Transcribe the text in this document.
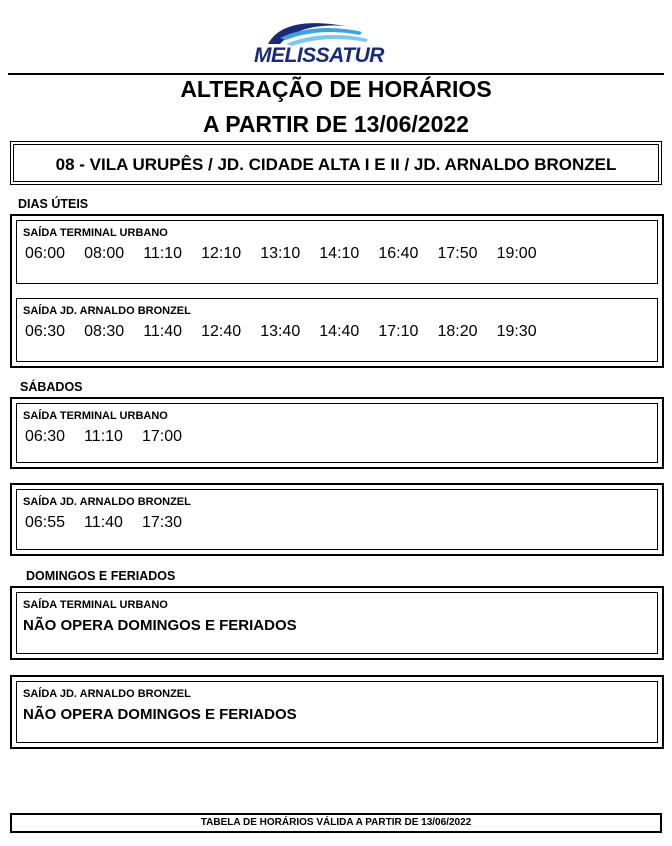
MELISSATUR
ALTERAÇÃO DE HORÁRIOS
A PARTIR DE 13/06/2022
08 - VILA URUPÊS / JD. CIDADE ALTA I E II / JD. ARNALDO BRONZEL
DIAS ÚTEIS
SAÍDA TERMINAL URBANO
06:00 08:00 11:10 12:10 13:10 14:10 16:40 17:50 19:00
SAÍDA JD. ARNALDO BRONZEL
06:30 08:30 11:40 12:40 13:40 14:40 17:10 18:20 19:30
SÁBADOS
SAÍDA TERMINAL URBANO
06:30 11:10 17:00
SAÍDA JD. ARNALDO BRONZEL
06:55 11:40 17:30
DOMINGOS E FERIADOS
SAÍDA TERMINAL URBANO
NÃO OPERA DOMINGOS E FERIADOS
SAÍDA JD. ARNALDO BRONZEL
NÃO OPERA DOMINGOS E FERIADOS
TABELA DE HORÁRIOS VÁLIDA A PARTIR DE 13/06/2022
